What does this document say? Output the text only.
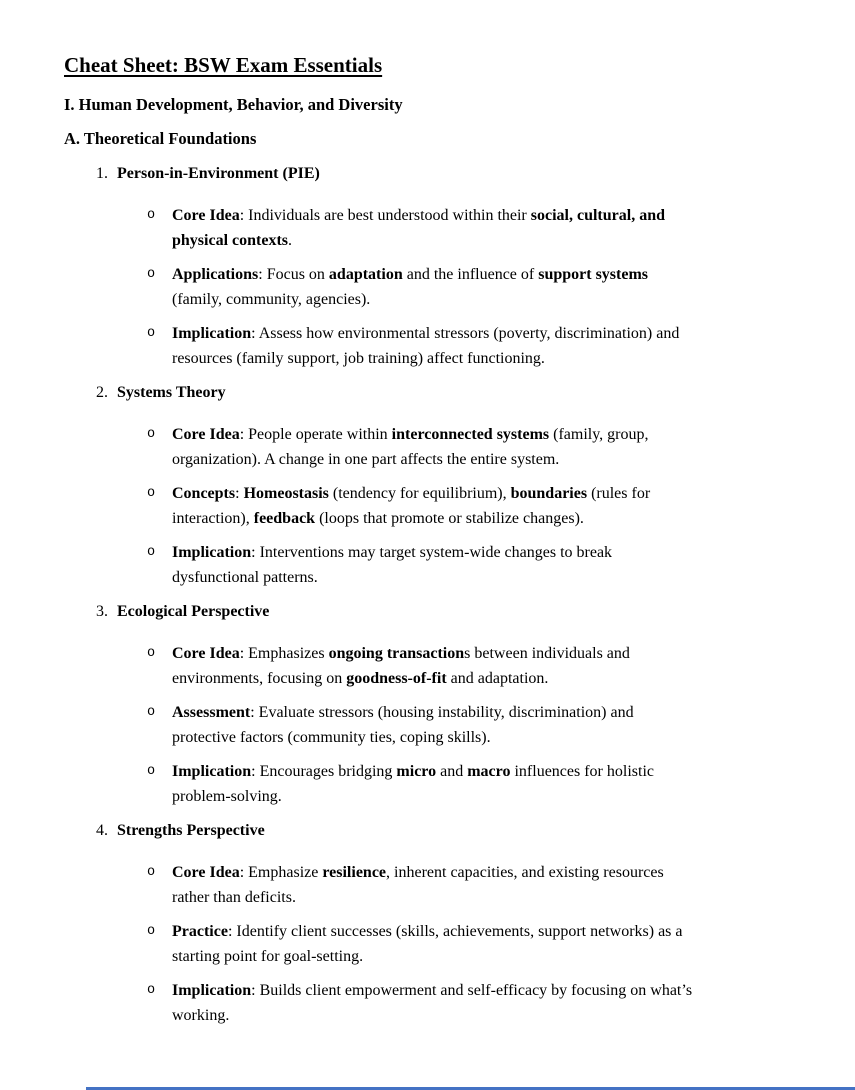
Cheat Sheet: BSW Exam Essentials
I. Human Development, Behavior, and Diversity
A. Theoretical Foundations
1. Person-in-Environment (PIE)
o Core Idea: Individuals are best understood within their social, cultural, and
physical contexts.
o Applications: Focus on adaptation and the influence of support systems
(family, community, agencies).
o Implication: Assess how environmental stressors (poverty, discrimination) and
resources (family support, job training) affect functioning.
2. Systems Theory
o Core Idea: People operate within interconnected systems (family, group,
organization). A change in one part affects the entire system.
o Concepts: Homeostasis (tendency for equilibrium), boundaries (rules for
interaction), feedback (loops that promote or stabilize changes).
o Implication: Interventions may target system-wide changes to break
dysfunctional patterns.
3. Ecological Perspective
o Core Idea: Emphasizes ongoing transactions between individuals and
environments, focusing on goodness-of-fit and adaptation.
o Assessment: Evaluate stressors (housing instability, discrimination) and
protective factors (community ties, coping skills).
o Implication: Encourages bridging micro and macro influences for holistic
problem-solving.
4. Strengths Perspective
o Core Idea: Emphasize resilience, inherent capacities, and existing resources
rather than deficits.
o Practice: Identify client successes (skills, achievements, support networks) as a
starting point for goal-setting.
o Implication: Builds client empowerment and self-efficacy by focusing on what’s
working.
